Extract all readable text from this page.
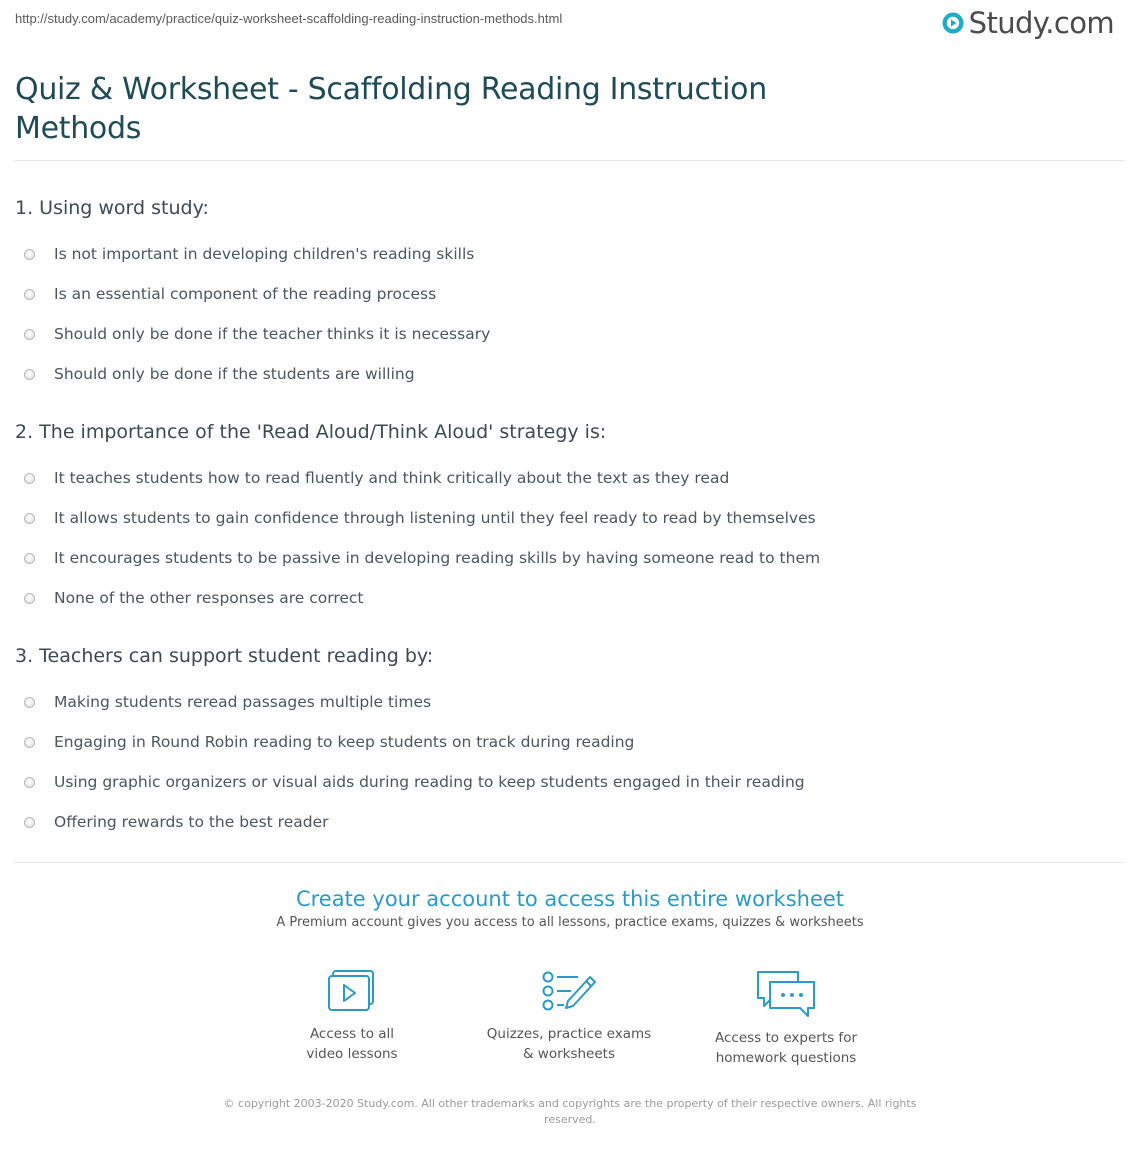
http://study.com/academy/practice/quiz-worksheet-scaffolding-reading-instruction-methods.html	Study.com
Quiz & Worksheet - Scaffolding Reading Instruction Methods
1. Using word study:
Is not important in developing children's reading skills
Is an essential component of the reading process
Should only be done if the teacher thinks it is necessary
Should only be done if the students are willing
2. The importance of the 'Read Aloud/Think Aloud' strategy is:
It teaches students how to read fluently and think critically about the text as they read
It allows students to gain confidence through listening until they feel ready to read by themselves
It encourages students to be passive in developing reading skills by having someone read to them
None of the other responses are correct
3. Teachers can support student reading by:
Making students reread passages multiple times
Engaging in Round Robin reading to keep students on track during reading
Using graphic organizers or visual aids during reading to keep students engaged in their reading
Offering rewards to the best reader
Create your account to access this entire worksheet
A Premium account gives you access to all lessons, practice exams, quizzes & worksheets
Access to all
video lessons
Quizzes, practice exams
& worksheets
Access to experts for
homework questions
© copyright 2003-2020 Study.com. All other trademarks and copyrights are the property of their respective owners. All rights reserved.
